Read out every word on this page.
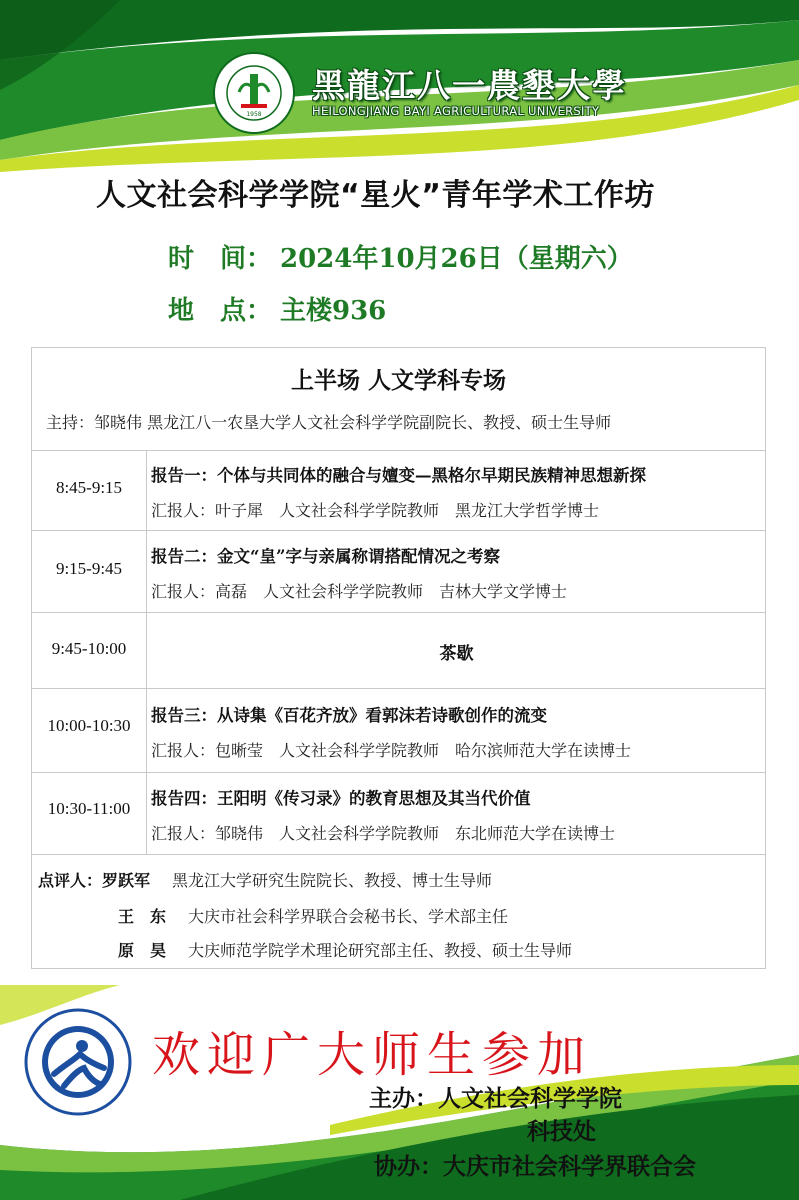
1958
黑龍江八一農墾大學
HEILONGJIANG BAYI AGRICULTURAL UNIVERSITY
人文社会科学学院“星火”青年学术工作坊
时　间： 2024年10月26日（星期六）
地　点： 主楼936
上半场 人文学科专场
主持：邹晓伟 黑龙江八一农垦大学人文社会科学学院副院长、教授、硕士生导师
8:45-9:15
报告一：个体与共同体的融合与嬗变—黑格尔早期民族精神思想新探
汇报人：叶子犀　人文社会科学学院教师　黑龙江大学哲学博士
9:15-9:45
报告二：金文“皇”字与亲属称谓搭配情况之考察
汇报人：高磊　人文社会科学学院教师　吉林大学文学博士
9:45-10:00	茶歇
10:00-10:30
报告三：从诗集《百花齐放》看郭沫若诗歌创作的流变
汇报人：包晰莹　人文社会科学学院教师　哈尔滨师范大学在读博士
10:30-11:00
报告四：王阳明《传习录》的教育思想及其当代价值
汇报人：邹晓伟　人文社会科学学院教师　东北师范大学在读博士
点评人：罗跃军 黑龙江大学研究生院院长、教授、博士生导师
王　东 大庆市社会科学界联合会秘书长、学术部主任
原　昊 大庆师范学院学术理论研究部主任、教授、硕士生导师
欢迎广大师生参加
主办：人文社会科学学院
科技处
协办：大庆市社会科学界联合会
